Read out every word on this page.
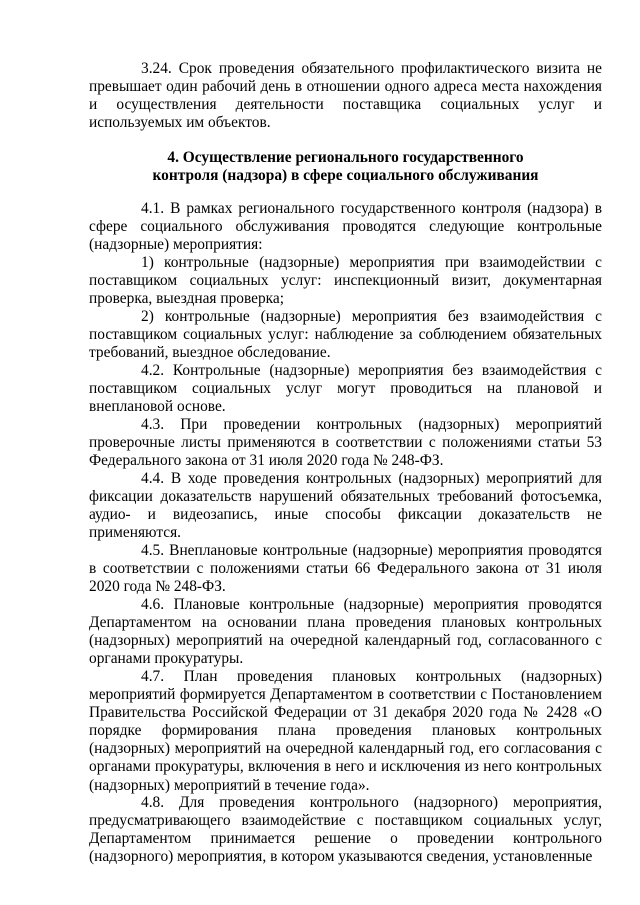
3.24. Срок проведения обязательного профилактического визита не превышает один рабочий день в отношении одного адреса места нахождения и осуществления деятельности поставщика социальных услуг и используемых им объектов.

4. Осуществление регионального государственного
контроля (надзора) в сфере социального обслуживания

4.1. В рамках регионального государственного контроля (надзора) в сфере социального обслуживания проводятся следующие контрольные (надзорные) мероприятия:

1) контрольные (надзорные) мероприятия при взаимодействии с поставщиком социальных услуг: инспекционный визит, документарная проверка, выездная проверка;

2) контрольные (надзорные) мероприятия без взаимодействия с поставщиком социальных услуг: наблюдение за соблюдением обязательных требований, выездное обследование.

4.2. Контрольные (надзорные) мероприятия без взаимодействия с поставщиком социальных услуг могут проводиться на плановой и внеплановой основе.

4.3. При проведении контрольных (надзорных) мероприятий проверочные листы применяются в соответствии с положениями статьи 53 Федерального закона от 31 июля 2020 года № 248-ФЗ.

4.4. В ходе проведения контрольных (надзорных) мероприятий для фиксации доказательств нарушений обязательных требований фотосъемка, аудио- и видеозапись, иные способы фиксации доказательств не применяются.

4.5. Внеплановые контрольные (надзорные) мероприятия проводятся в соответствии с положениями статьи 66 Федерального закона от 31 июля 2020 года № 248-ФЗ.

4.6. Плановые контрольные (надзорные) мероприятия проводятся Департаментом на основании плана проведения плановых контрольных (надзорных) мероприятий на очередной календарный год, согласованного с органами прокуратуры.

4.7. План проведения плановых контрольных (надзорных) мероприятий формируется Департаментом в соответствии с Постановлением Правительства Российской Федерации от 31 декабря 2020 года № 2428 «О порядке формирования плана проведения плановых контрольных (надзорных) мероприятий на очередной календарный год, его согласования с органами прокуратуры, включения в него и исключения из него контрольных (надзорных) мероприятий в течение года».

4.8. Для проведения контрольного (надзорного) мероприятия, предусматривающего взаимодействие с поставщиком социальных услуг, Департаментом принимается решение о проведении контрольного (надзорного) мероприятия, в котором указываются сведения, установленные
